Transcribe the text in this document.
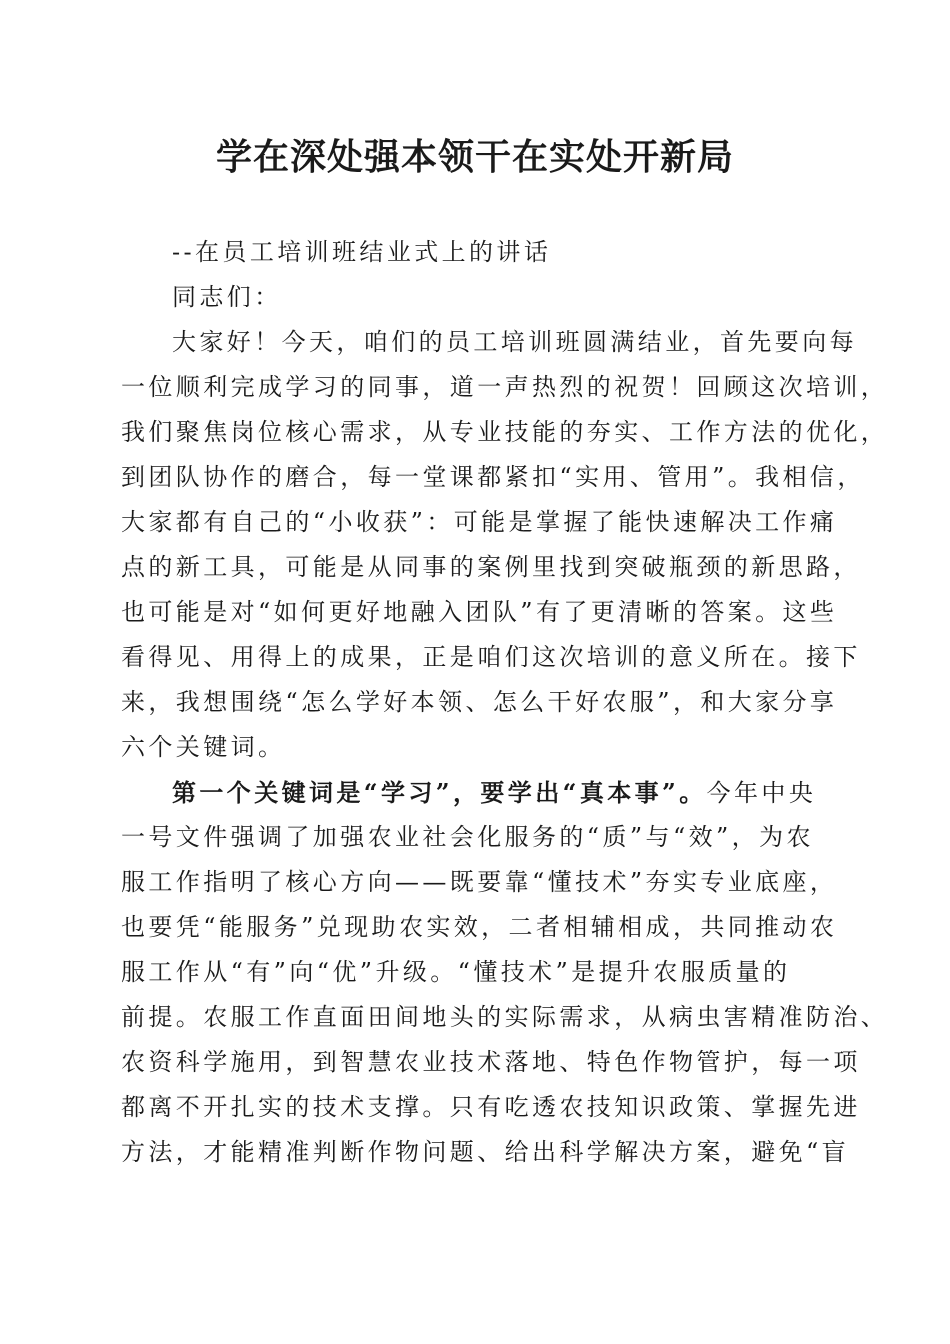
学在深处强本领干在实处开新局
--在员工培训班结业式上的讲话
同志们：
大家好！今天，咱们的员工培训班圆满结业，首先要向每
一位顺利完成学习的同事，道一声热烈的祝贺！回顾这次培训，
我们聚焦岗位核心需求，从专业技能的夯实、工作方法的优化，
到团队协作的磨合，每一堂课都紧扣“实用、管用”。我相信，
大家都有自己的“小收获”：可能是掌握了能快速解决工作痛
点的新工具，可能是从同事的案例里找到突破瓶颈的新思路，
也可能是对“如何更好地融入团队”有了更清晰的答案。这些
看得见、用得上的成果，正是咱们这次培训的意义所在。接下
来，我想围绕“怎么学好本领、怎么干好农服”，和大家分享
六个关键词。
第一个关键词是“学习”，要学出“真本事”。今年中央
一号文件强调了加强农业社会化服务的“质”与“效”，为农
服工作指明了核心方向——既要靠“懂技术”夯实专业底座，
也要凭“能服务”兑现助农实效，二者相辅相成，共同推动农
服工作从“有”向“优”升级。“懂技术”是提升农服质量的
前提。农服工作直面田间地头的实际需求，从病虫害精准防治、
农资科学施用，到智慧农业技术落地、特色作物管护，每一项
都离不开扎实的技术支撑。只有吃透农技知识政策、掌握先进
方法，才能精准判断作物问题、给出科学解决方案，避免“盲
